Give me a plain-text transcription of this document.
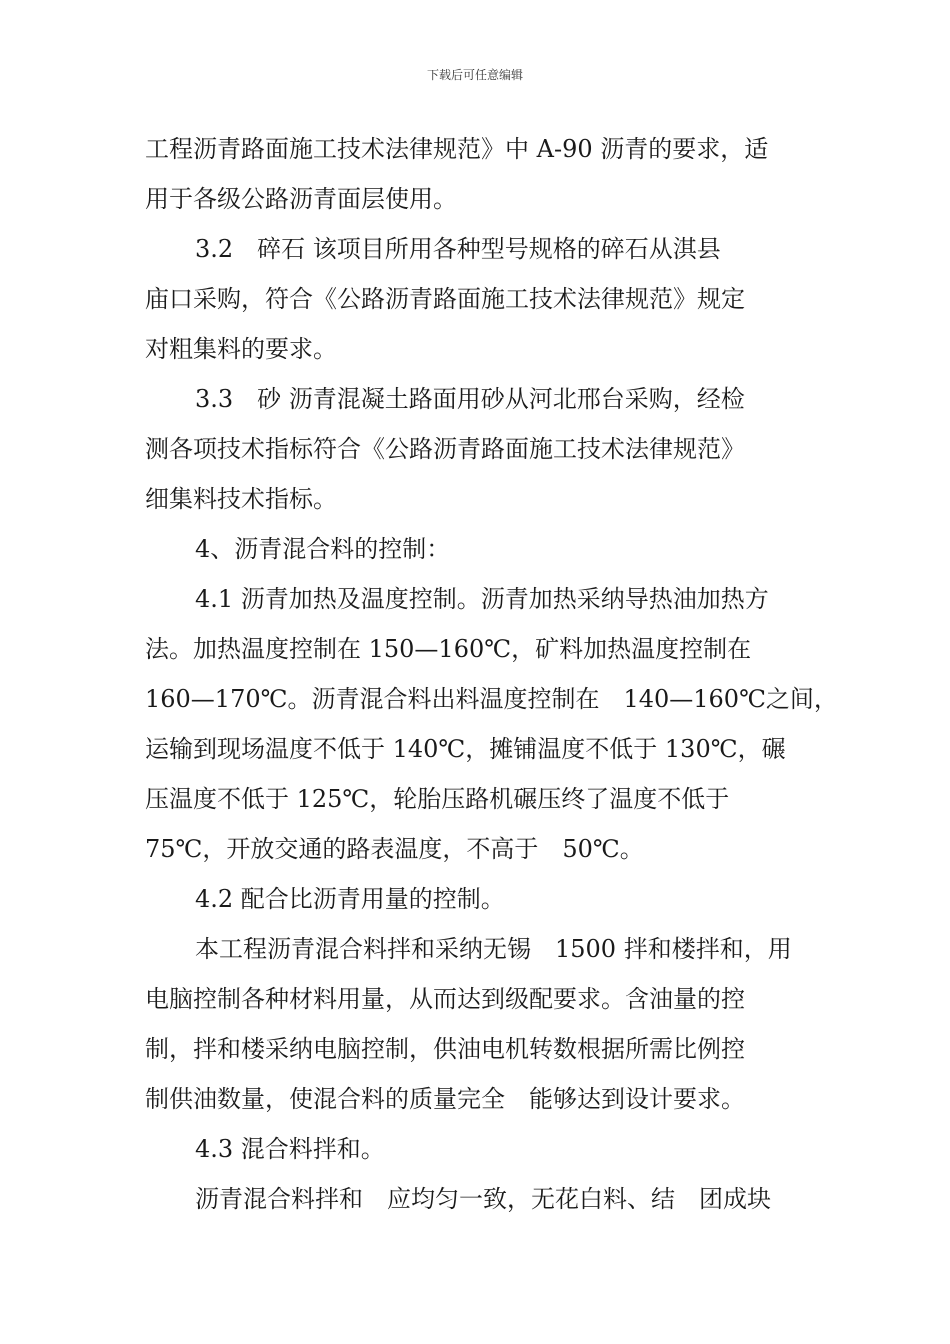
下载后可任意编辑
工程沥青路面施工技术法律规范》中 A-90 沥青的要求，适
用于各级公路沥青面层使用。
3.2　碎石 该项目所用各种型号规格的碎石从淇县
庙口采购，符合《公路沥青路面施工技术法律规范》规定
对粗集料的要求。
3.3　砂 沥青混凝土路面用砂从河北邢台采购，经检
测各项技术指标符合《公路沥青路面施工技术法律规范》
细集料技术指标。
4、沥青混合料的控制：
4.1 沥青加热及温度控制。沥青加热采纳导热油加热方
法。加热温度控制在 150—160℃，矿料加热温度控制在
160—170℃。沥青混合料出料温度控制在　140—160℃之间，
运输到现场温度不低于 140℃，摊铺温度不低于 130℃，碾
压温度不低于 125℃，轮胎压路机碾压终了温度不低于
75℃，开放交通的路表温度，不高于　50℃。
4.2 配合比沥青用量的控制。
本工程沥青混合料拌和采纳无锡　1500 拌和楼拌和，用
电脑控制各种材料用量，从而达到级配要求。含油量的控
制，拌和楼采纳电脑控制，供油电机转数根据所需比例控
制供油数量，使混合料的质量完全　能够达到设计要求。
4.3 混合料拌和。
沥青混合料拌和　应均匀一致，无花白料、结　团成块
